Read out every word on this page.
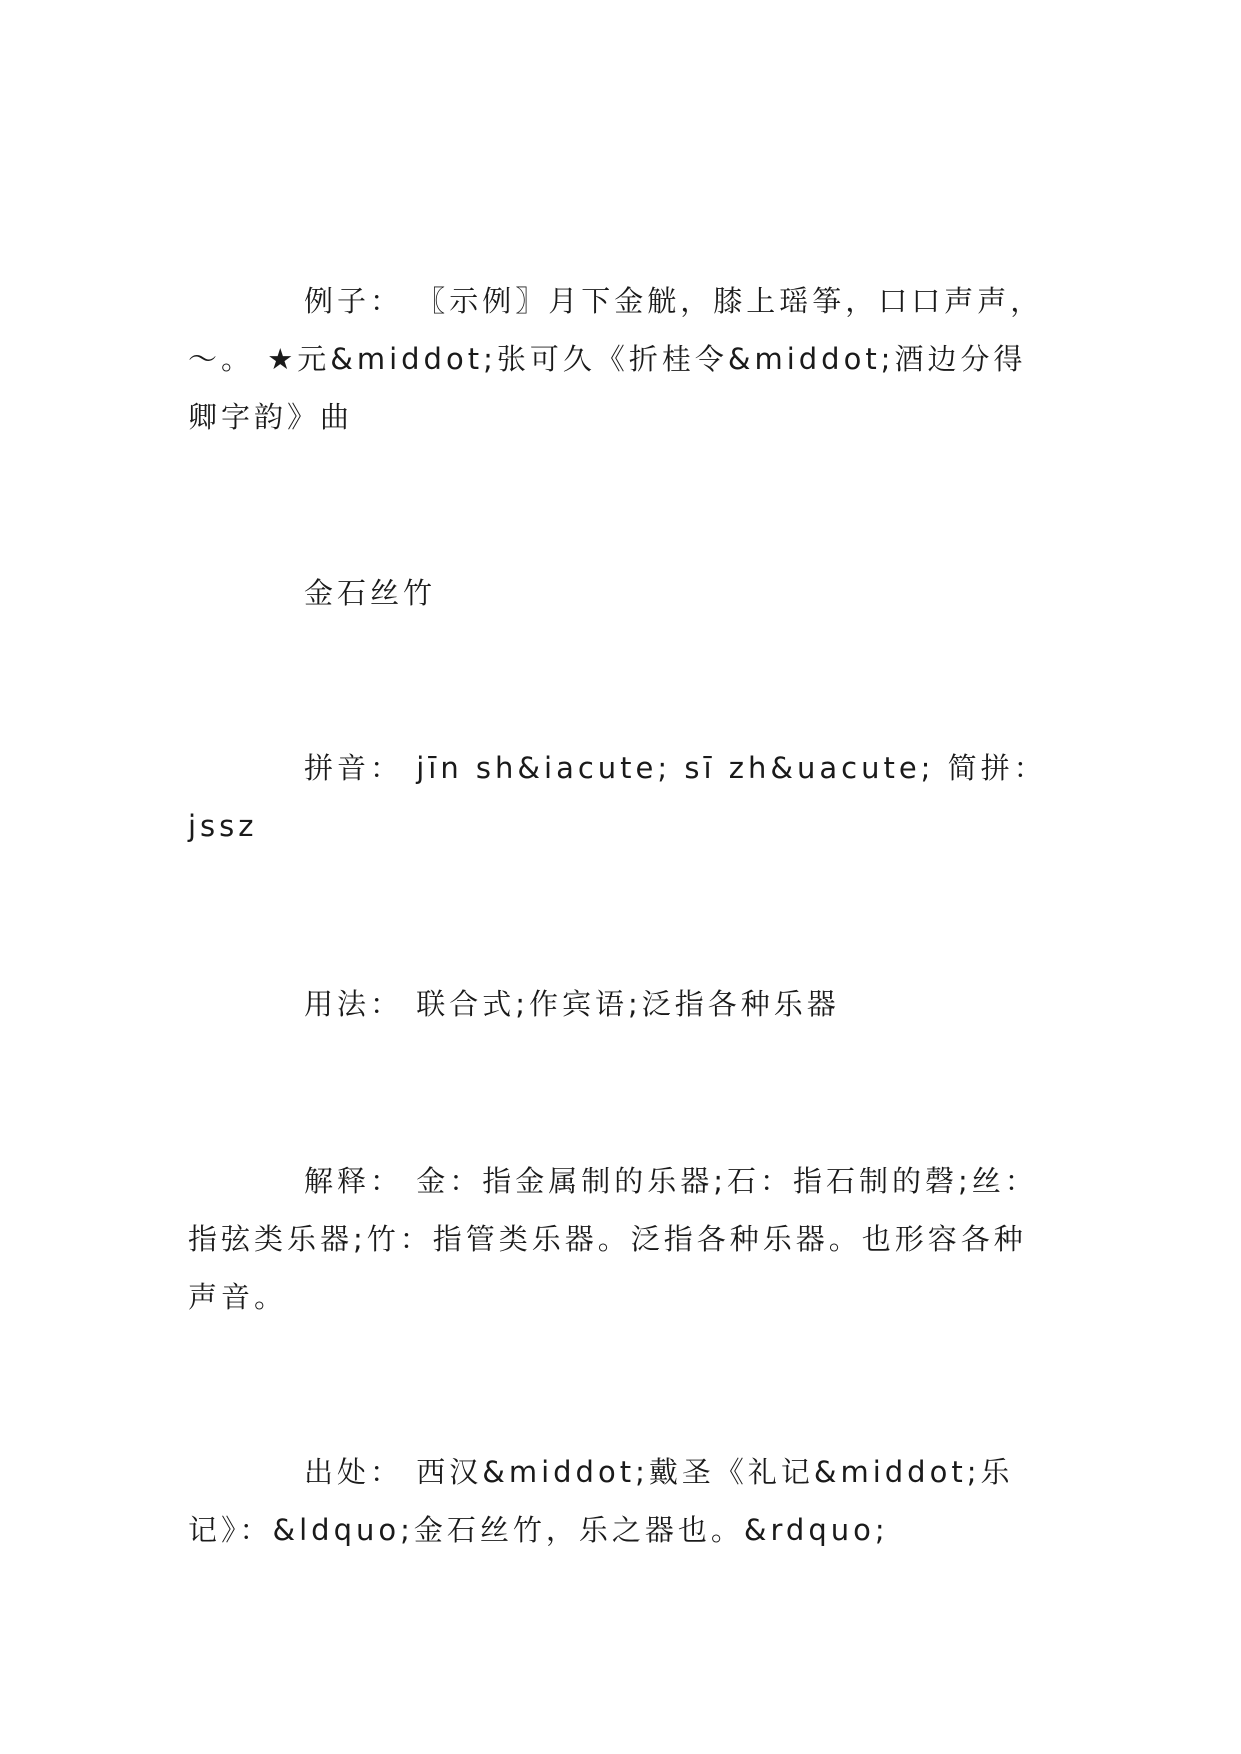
例子： 〖示例〗月下金觥，膝上瑶筝，口口声声，～。 ★元&middot;张可久《折桂令&middot;酒边分得卿字韵》曲

金石丝竹

拼音： jīn sh&iacute; sī zh&uacute; 简拼：jssz

用法： 联合式;作宾语;泛指各种乐器

解释： 金：指金属制的乐器;石：指石制的磬;丝：指弦类乐器;竹：指管类乐器。泛指各种乐器。也形容各种声音。

出处： 西汉&middot;戴圣《礼记&middot;乐记》：&ldquo;金石丝竹，乐之器也。&rdquo;
